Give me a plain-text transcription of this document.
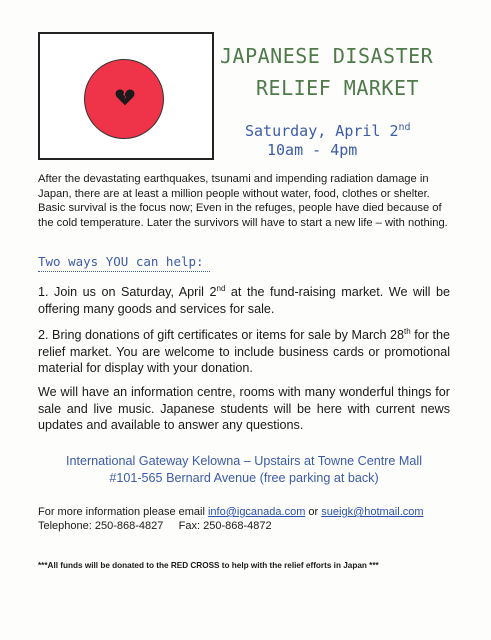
JAPANESE DISASTER
RELIEF MARKET
Saturday, April 2nd
10am - 4pm
After the devastating earthquakes, tsunami and impending radiation damage in Japan, there are at least a million people without water, food, clothes or shelter. Basic survival is the focus now; Even in the refuges, people have died because of the cold temperature. Later the survivors will have to start a new life – with nothing.
Two ways YOU can help:
1. Join us on Saturday, April 2nd at the fund-raising market. We will be offering many goods and services for sale.
2. Bring donations of gift certificates or items for sale by March 28th for the relief market. You are welcome to include business cards or promotional material for display with your donation.
We will have an information centre, rooms with many wonderful things for sale and live music. Japanese students will be here with current news updates and available to answer any questions.
International Gateway Kelowna – Upstairs at Towne Centre Mall
#101-565 Bernard Avenue (free parking at back)
For more information please email info@igcanada.com or sueigk@hotmail.com
Telephone: 250-868-4827     Fax: 250-868-4872
***All funds will be donated to the RED CROSS to help with the relief efforts in Japan ***
